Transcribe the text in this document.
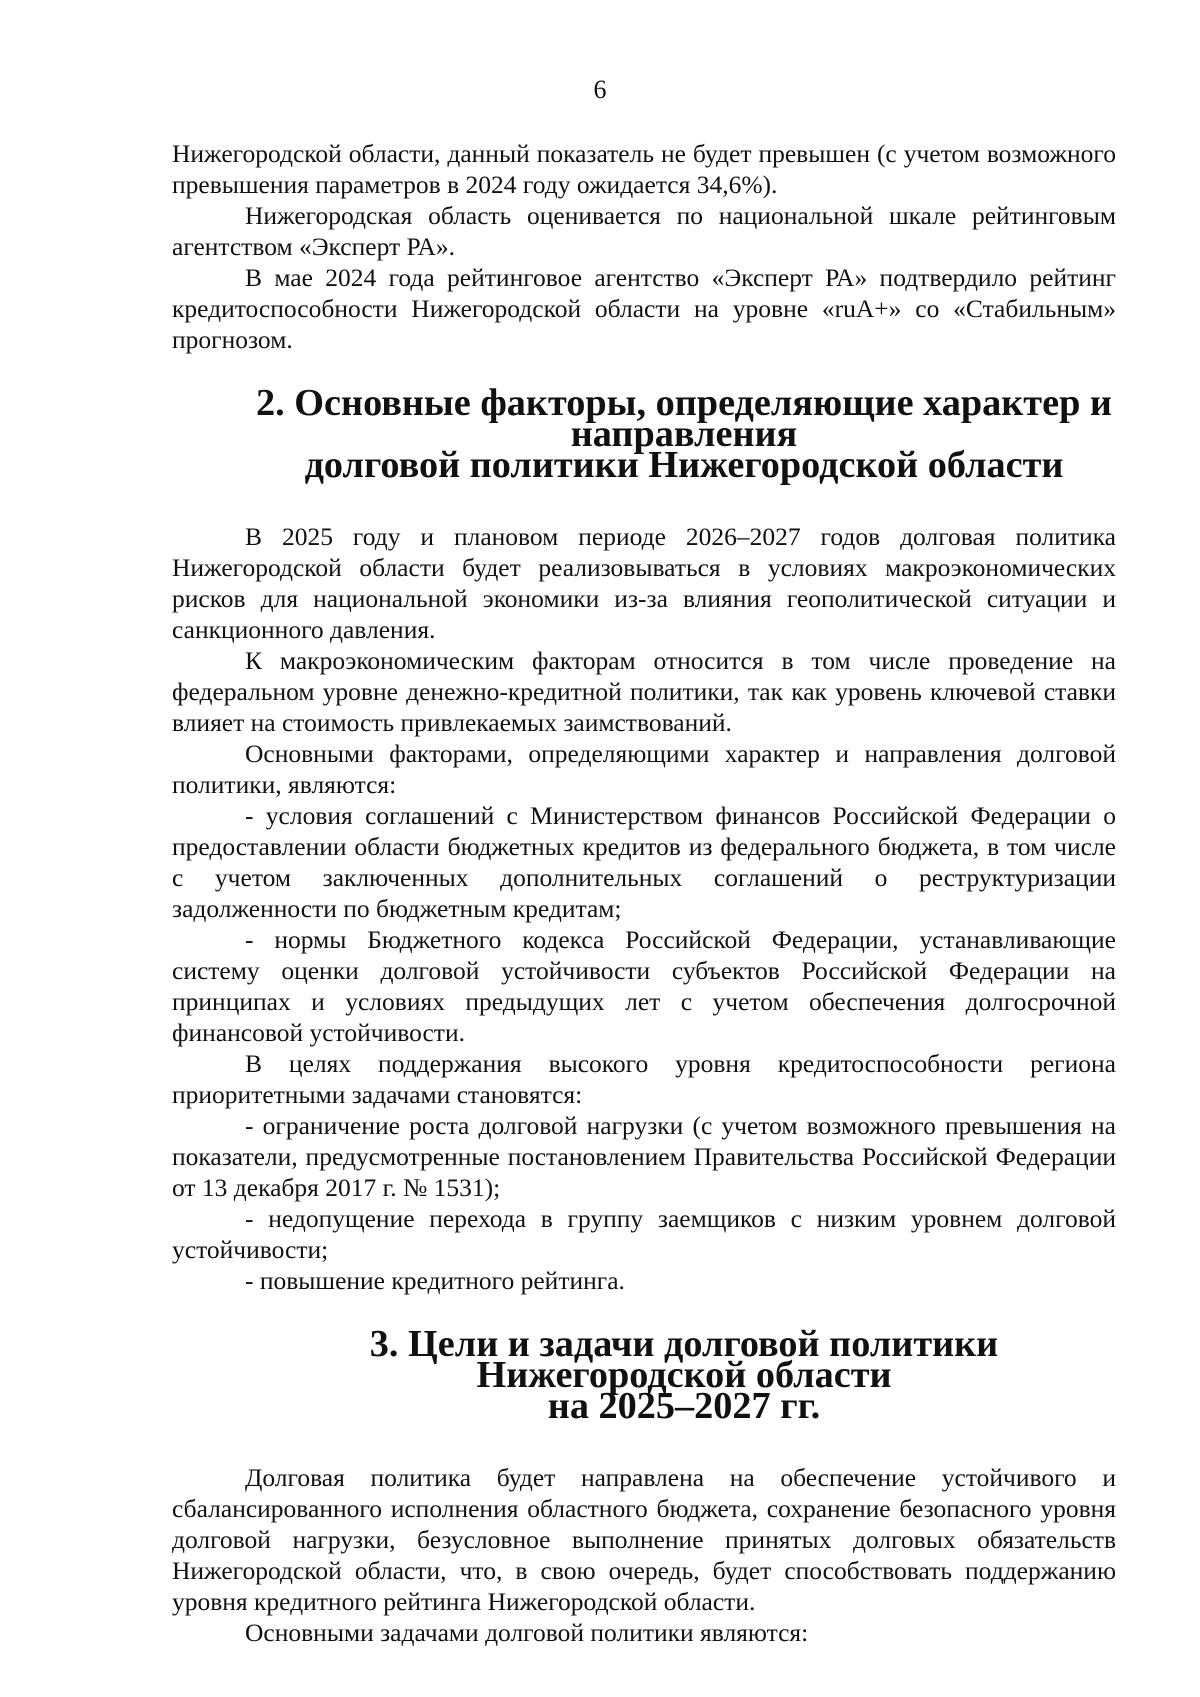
6

Нижегородской области, данный показатель не будет превышен (с учетом возможного превышения параметров в 2024 году ожидается 34,6%).

Нижегородская область оценивается по национальной шкале рейтинговым агентством «Эксперт РА».

В мае 2024 года рейтинговое агентство «Эксперт РА» подтвердило рейтинг кредитоспособности Нижегородской области на уровне «ruA+» со «Стабильным» прогнозом.

2. Основные факторы, определяющие характер и направления
долговой политики Нижегородской области

В 2025 году и плановом периоде 2026–2027 годов долговая политика Нижегородской области будет реализовываться в условиях макроэкономических рисков для национальной экономики из-за влияния геополитической ситуации и санкционного давления.

К макроэкономическим факторам относится в том числе проведение на федеральном уровне денежно-кредитной политики, так как уровень ключевой ставки влияет на стоимость привлекаемых заимствований.

Основными факторами, определяющими характер и направления долговой политики, являются:

- условия соглашений с Министерством финансов Российской Федерации о предоставлении области бюджетных кредитов из федерального бюджета, в том числе с учетом заключенных дополнительных соглашений о реструктуризации задолженности по бюджетным кредитам;

- нормы Бюджетного кодекса Российской Федерации, устанавливающие систему оценки долговой устойчивости субъектов Российской Федерации на принципах и условиях предыдущих лет с учетом обеспечения долгосрочной финансовой устойчивости.

В целях поддержания высокого уровня кредитоспособности региона приоритетными задачами становятся:

- ограничение роста долговой нагрузки (с учетом возможного превышения на показатели, предусмотренные постановлением Правительства Российской Федерации от 13 декабря 2017 г. № 1531);

- недопущение перехода в группу заемщиков с низким уровнем долговой устойчивости;

- повышение кредитного рейтинга.

3. Цели и задачи долговой политики Нижегородской области
на 2025–2027 гг.

Долговая политика будет направлена на обеспечение устойчивого и сбалансированного исполнения областного бюджета, сохранение безопасного уровня долговой нагрузки, безусловное выполнение принятых долговых обязательств Нижегородской области, что, в свою очередь, будет способствовать поддержанию уровня кредитного рейтинга Нижегородской области.

Основными задачами долговой политики являются:
